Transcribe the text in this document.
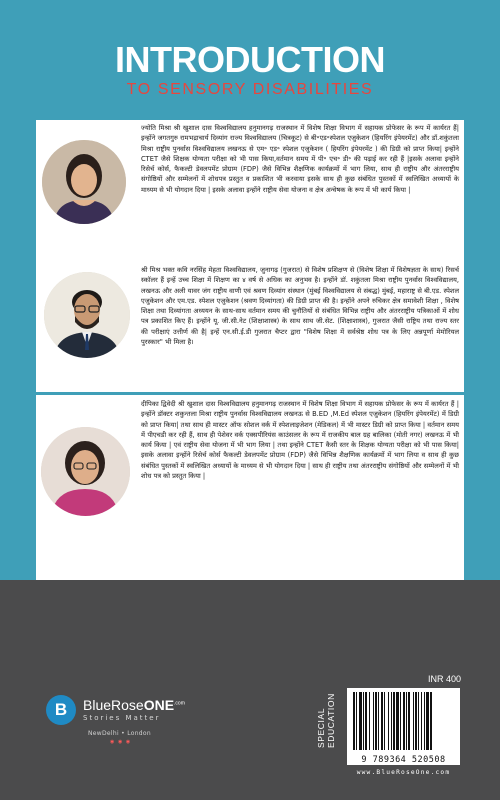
INTRODUCTION
TO SENSORY DISABILITIES

ज्योति मिश्रा श्री खुशाल दास विश्वविद्यालय हनुमानगढ़ राजस्थान में विशेष शिक्षा विभाग में सहायक प्रोफेसर के रूप में कार्यरत हैं| इन्होंने जगतगुरु रामभद्राचार्य दिव्यांग राज्य विश्वविद्यालय (चित्रकूट) से बी॰एड॰स्पेशल एजुकेशन (हियरिंग इंपेयरमेंट) और डॉ.शकुंतला मिश्रा राष्ट्रीय पुनर्वास विश्वविद्यालय लखनऊ से एम॰ एड॰ स्पेशल एजुकेशन ( हियरिंग इंपेयरमेंट ) की डिग्री को प्राप्त किया| इन्होंने CTET जैसे शिक्षक योग्यता परीक्षा को भी पास किया,वर्तमान समय में पी॰ एच॰ डी॰ की पढ़ाई कर रही हैं |इसके अलावा इन्होंने रिसेर्च कोर्स, फैकल्टी डेवलपमेंट प्रोग्राम (FDP) जैसे विभिन्न शैक्षणिक कार्यक्रमों में भाग लिया, साथ ही राष्ट्रीय और अंतरराष्ट्रीय संगोष्ठियों और सम्मेलनों में शोधपत्र प्रस्तुत व प्रकाशित भी करवाया इसके साथ ही कुछ संबंधित पुस्तकों में स्वलिखित अध्यायों के माध्यम से भी योगदान दिया | इसके अलावा इन्होंने राष्ट्रीय सेवा योजना व क्षेत्र अन्वेषक के रूप में भी कार्य किया |

श्री मिश्र भक्त कवि नरसिंह मेहता विश्वविद्यालय, जुनागढ़ (गुजरात) से विशेष प्रशिक्षण से (विशेष शिक्षा में विशेषज्ञता के साथ) रिसर्च स्कॉलर हैं इन्हें उच्च शिक्षा में शिक्षण का ४ वर्ष से अधिक का अनुभव है। इन्होंने डॉ. शकुंतला मिश्रा राष्ट्रीय पुनर्वास विश्वविद्यालय, लखनऊ और अली यावर जंग राष्ट्रीय वाणी एवं श्रवण दिव्यांग संस्थान (मुंबई विश्वविद्यालय से संबद्ध) मुंबई, महाराष्ट्र से बी.एड. स्पेशल एजुकेशन और एम.एड. स्पेशल एजुकेशन (श्रवण दिव्यांगता) की डिग्री प्राप्त की है। इन्होंने अपने रुचिकर क्षेत्र समावेशी शिक्षा , विशेष शिक्षा तथा दिव्यांगता अध्ययन के साथ-साथ वर्तमान समय की चुनौतियों से संबंधित विभिन्न राष्ट्रीय और अंतरराष्ट्रीय पत्रिकाओं में शोध पत्र प्रकाशित किए हैं। इन्होंने यू. जी.सी.नेट (शिक्षाशास्त्र) के साथ साथ जी.सेट. (शिक्षाशास्त्र), गुजरात जैसी राष्ट्रिय तथा राज्य स्तर की परीक्षाएं उत्तीर्ण की है| इन्हें एन.सी.ई.डी गुजरात चैप्टर द्वारा "विशेष शिक्षा में सर्वश्रेष्ठ शोध पत्र के लिए अन्नपूर्णा मेमोरियल पुरस्कार" भी मिला है।

दीपिका द्विवेदी श्री खुशाल दास विश्वविद्यालय हनुमानगढ़ राजस्थान में विशेष शिक्षा विभाग में सहायक प्रोफेसर के रूप में कार्यरत हैं | इन्होंने डॉक्टर शकुन्तला मिश्रा राष्ट्रीय पुनर्वास विश्वविद्यालय लखनऊ से B.ED ,M.Ed स्पेशल एजुकेशन (हियरिंग इंपेयरमेंट) में डिग्री को प्राप्त किया| तथा साथ ही मास्टर ऑफ सोशल वर्क में स्पेशलाइजेशन (मेडिकल) में भी मास्टर डिग्री को प्राप्त किया | वर्तमान समय में पीएचडी कर रही हैं, साथ ही पेशेवर वर्क एक्सपीरियंस काउंसलर के रूप में राजकीय बाल ग्रह बालिका (मोती नगर) लखनऊ में भी कार्य किया | एवं राष्ट्रीय सेवा योजना में भी भाग लिया | तथा इन्होंने CTET कैसी स्तर के शिक्षक योग्यता परीक्षा को भी पास किया| इसके अलावा इन्होंने रिसेर्च कोर्स फैकल्टी डेवलपमेंट प्रोग्राम (FDP) जैसे विभिन्न शैक्षणिक कार्यक्रमों में भाग लिया व साथ ही कुछ संबंधित पुस्तकों में स्वलिखित अध्यायों के माध्यम से भी योगदान दिया | साथ ही राष्ट्रीय तथा अंतरराष्ट्रीय संगोष्ठियों और सम्मेलनों में भी शोध पत्र को प्रस्तुत किया |

B BlueRoseONE$^{.com}$
Stories Matter
NewDelhi • London
◉ ◉ ◉
INR 400
SPECIAL
EDUCATION
9 789364 520508
www.BlueRoseOne.com
